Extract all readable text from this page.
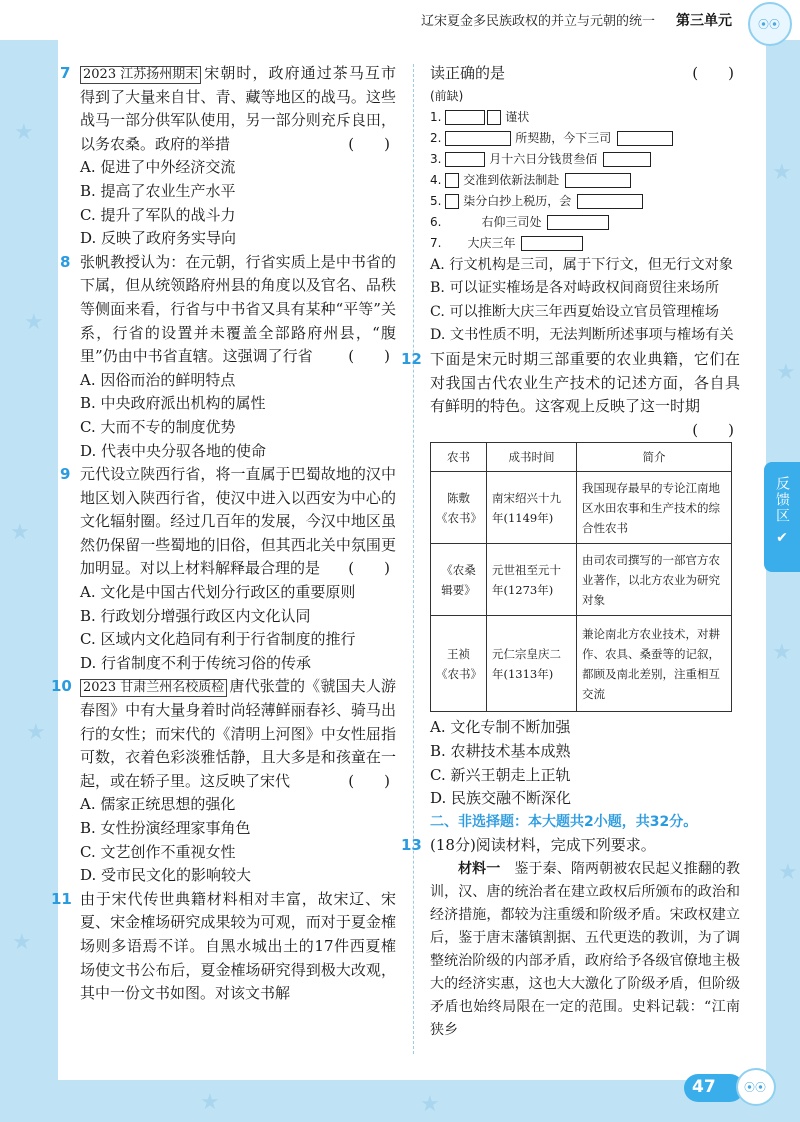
★
★
★
★
★
★
★
★
★
★	★
辽宋夏金多民族政权的并立与元朝的统一 第三单元
⦿⦿
7 2023 江苏扬州期末 宋朝时，政府通过茶马互市得到了大量来自甘、青、藏等地区的战马。这些战马一部分供军队使用，另一部分则充斥良田，以务农桑。政府的举措	(　　)
A. 促进了中外经济交流
B. 提高了农业生产水平
C. 提升了军队的战斗力
D. 反映了政府务实导向
8 张帆教授认为：在元朝，行省实质上是中书省的下属，但从统领路府州县的角度以及官名、品秩等侧面来看，行省与中书省又具有某种“平等”关系，行省的设置并未覆盖全部路府州县，“腹里”仍由中书省直辖。这强调了行省 (　　)
A. 因俗而治的鲜明特点
B. 中央政府派出机构的属性
C. 大而不专的制度优势
D. 代表中央分驭各地的使命
9 元代设立陕西行省，将一直属于巴蜀故地的汉中地区划入陕西行省，使汉中进入以西安为中心的文化辐射圈。经过几百年的发展，今汉中地区虽然仍保留一些蜀地的旧俗，但其西北关中氛围更加明显。对以上材料解释最合理的是 (　　)
A. 文化是中国古代划分行政区的重要原则
B. 行政划分增强行政区内文化认同
C. 区域内文化趋同有利于行省制度的推行
D. 行省制度不利于传统习俗的传承
10 2023 甘肃兰州名校质检 唐代张萱的《虢国夫人游春图》中有大量身着时尚轻薄鲜丽春衫、骑马出行的女性；而宋代的《清明上河图》中女性屈指可数，衣着色彩淡雅恬静，且大多是和孩童在一起，或在轿子里。这反映了宋代	(　　)
A. 儒家正统思想的强化
B. 女性扮演经理家事角色
C. 文艺创作不重视女性
D. 受市民文化的影响较大
11 由于宋代传世典籍材料相对丰富，故宋辽、宋夏、宋金榷场研究成果较为可观，而对于夏金榷场则多语焉不详。自黑水城出土的17件西夏榷场使文书公布后，夏金榷场研究得到极大改观，其中一份文书如图。对该文书解
读正确的是	(　　)
(前缺)
1.	谨状
2.	所契勘，今下三司
3.	月十六日分钱贯叁佰
4. 交准到依新法制赴
5. 柒分白抄上税历，会
6.	右仰三司处
7. 大庆三年
A. 行文机构是三司，属于下行文，但无行文对象
B. 可以证实榷场是各对峙政权间商贸往来场所
C. 可以推断大庆三年西夏始设立官员管理榷场
D. 文书性质不明，无法判断所述事项与榷场有关
12 下面是宋元时期三部重要的农业典籍，它们在对我国古代农业生产技术的记述方面，各自具有鲜明的特色。这客观上反映了这一时期
(　　)
农书	成书时间	简介
陈敷《农书》	南宋绍兴十九年(1149年)	我国现存最早的专论江南地区水田农事和生产技术的综合性农书
《农桑辑要》	元世祖至元十年(1273年)	由司农司撰写的一部官方农业著作，以北方农业为研究对象
王祯《农书》	元仁宗皇庆二年(1313年)	兼论南北方农业技术，对耕作、农具、桑蚕等的记叙，都顾及南北差别，注重相互交流
A. 文化专制不断加强
B. 农耕技术基本成熟
C. 新兴王朝走上正轨
D. 民族交融不断深化
二、非选择题：本大题共2小题，共32分。
13 (18分)阅读材料，完成下列要求。
材料一　 鉴于秦、隋两朝被农民起义推翻的教训，汉、唐的统治者在建立政权后所颁布的政治和经济措施，都较为注重缓和阶级矛盾。宋政权建立后，鉴于唐末藩镇割据、五代更迭的教训，为了调整统治阶级的内部矛盾，政府给予各级官僚地主极大的经济实惠，这也大大激化了阶级矛盾，但阶级矛盾也始终局限在一定的范围。史料记载：“江南狭乡
反馈区
✔
47
⦿⦿
